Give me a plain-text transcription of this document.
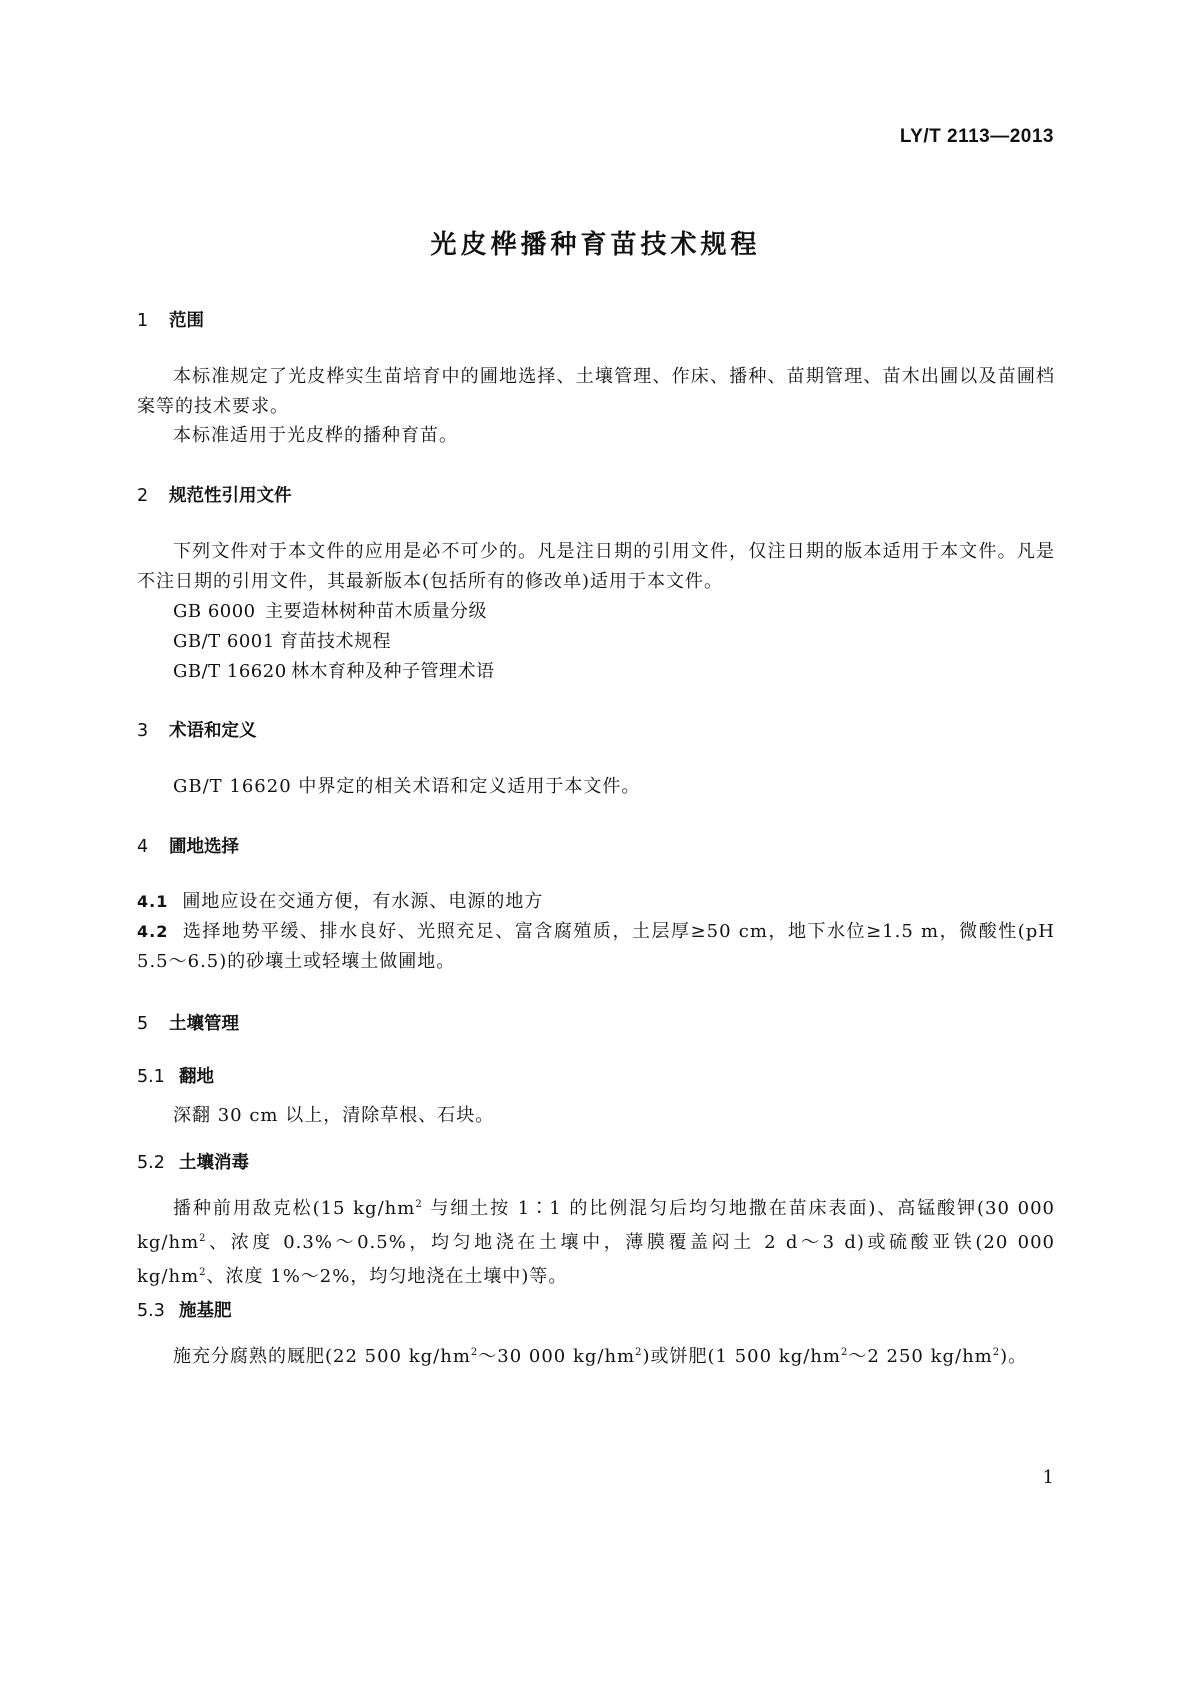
LY/T 2113—2013
光皮桦播种育苗技术规程
1 范围
本标准规定了光皮桦实生苗培育中的圃地选择、土壤管理、作床、播种、苗期管理、苗木出圃以及苗圃档案等的技术要求。
本标准适用于光皮桦的播种育苗。
2 规范性引用文件
下列文件对于本文件的应用是必不可少的。凡是注日期的引用文件，仅注日期的版本适用于本文件。凡是不注日期的引用文件，其最新版本(包括所有的修改单)适用于本文件。
GB 6000 主要造林树种苗木质量分级
GB/T 6001 育苗技术规程
GB/T 16620 林木育种及种子管理术语
3 术语和定义
GB/T 16620 中界定的相关术语和定义适用于本文件。
4 圃地选择
4.1 圃地应设在交通方便，有水源、电源的地方
4.2 选择地势平缓、排水良好、光照充足、富含腐殖质，土层厚≥50 cm，地下水位≥1.5 m，微酸性(pH 5.5～6.5)的砂壤土或轻壤土做圃地。
5 土壤管理
5.1 翻地
深翻 30 cm 以上，清除草根、石块。
5.2 土壤消毒
播种前用敌克松(15 $kg/hm^2$ 与细土按 1∶1 的比例混匀后均匀地撒在苗床表面)、高锰酸钾(30 000 $kg/hm^2$、浓度 0.3%～0.5%，均匀地浇在土壤中，薄膜覆盖闷土 2 d～3 d)或硫酸亚铁(20 000 $kg/hm^2$、浓度 1%～2%，均匀地浇在土壤中)等。
5.3 施基肥
施充分腐熟的厩肥(22 500 $kg/hm^2\sim 30$ 000 $kg/hm^2$)或饼肥(1 500 $kg/hm^2\sim 2$ 250 $kg/hm^2$)。
1
